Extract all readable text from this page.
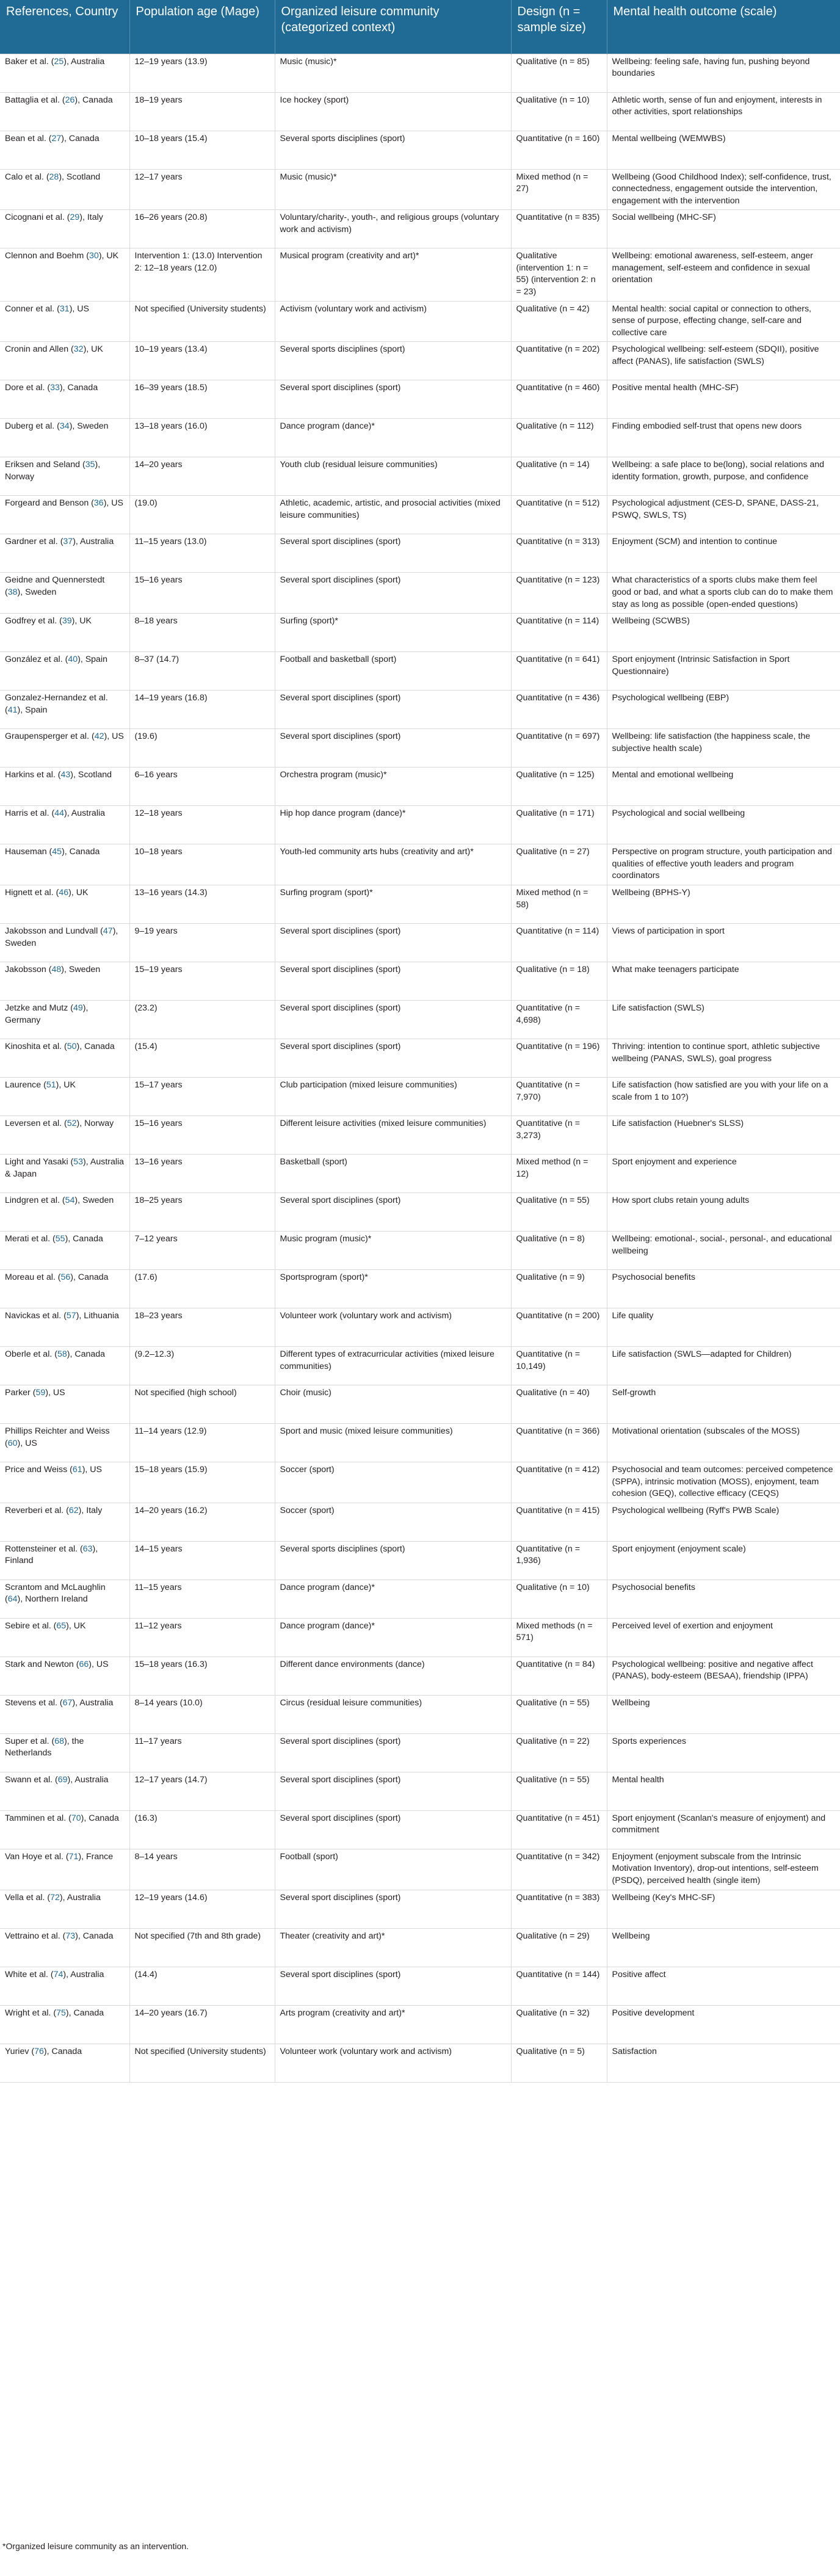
References, Country	Population age (Mage)	Organized leisure community (categorized context)	Design (n = sample size)	Mental health outcome (scale)
Baker et al. (25), Australia	12–19 years (13.9)	Music (music)*	Qualitative (n = 85)	Wellbeing: feeling safe, having fun, pushing beyond boundaries
Battaglia et al. (26), Canada	18–19 years	Ice hockey (sport)	Qualitative (n = 10)	Athletic worth, sense of fun and enjoyment, interests in other activities, sport relationships
Bean et al. (27), Canada	10–18 years (15.4)	Several sports disciplines (sport)	Quantitative (n = 160)	Mental wellbeing (WEMWBS)
Calo et al. (28), Scotland	12–17 years	Music (music)*	Mixed method (n = 27)	Wellbeing (Good Childhood Index); self-confidence, trust, connectedness, engagement outside the intervention, engagement with the intervention
Cicognani et al. (29), Italy	16–26 years (20.8)	Voluntary/charity-, youth-, and religious groups (voluntary work and activism)	Quantitative (n = 835)	Social wellbeing (MHC-SF)
Clennon and Boehm (30), UK	Intervention 1: (13.0) Intervention 2: 12–18 years (12.0)	Musical program (creativity and art)*	Qualitative (intervention 1: n = 55) (intervention 2: n = 23)	Wellbeing: emotional awareness, self-esteem, anger management, self-esteem and confidence in sexual orientation
Conner et al. (31), US	Not specified (University students)	Activism (voluntary work and activism)	Qualitative (n = 42)	Mental health: social capital or connection to others, sense of purpose, effecting change, self-care and collective care
Cronin and Allen (32), UK	10–19 years (13.4)	Several sports disciplines (sport)	Quantitative (n = 202)	Psychological wellbeing: self-esteem (SDQII), positive affect (PANAS), life satisfaction (SWLS)
Dore et al. (33), Canada	16–39 years (18.5)	Several sport disciplines (sport)	Quantitative (n = 460)	Positive mental health (MHC-SF)
Duberg et al. (34), Sweden	13–18 years (16.0)	Dance program (dance)*	Qualitative (n = 112)	Finding embodied self-trust that opens new doors
Eriksen and Seland (35), Norway	14–20 years	Youth club (residual leisure communities)	Qualitative (n = 14)	Wellbeing: a safe place to be(long), social relations and identity formation, growth, purpose, and confidence
Forgeard and Benson (36), US	(19.0)	Athletic, academic, artistic, and prosocial activities (mixed leisure communities)	Quantitative (n = 512)	Psychological adjustment (CES-D, SPANE, DASS-21, PSWQ, SWLS, TS)
Gardner et al. (37), Australia	11–15 years (13.0)	Several sport disciplines (sport)	Quantitative (n = 313)	Enjoyment (SCM) and intention to continue
Geidne and Quennerstedt (38), Sweden	15–16 years	Several sport disciplines (sport)	Quantitative (n = 123)	What characteristics of a sports clubs make them feel good or bad, and what a sports club can do to make them stay as long as possible (open-ended questions)
Godfrey et al. (39), UK	8–18 years	Surfing (sport)*	Quantitative (n = 114)	Wellbeing (SCWBS)
González et al. (40), Spain	8–37 (14.7)	Football and basketball (sport)	Quantitative (n = 641)	Sport enjoyment (Intrinsic Satisfaction in Sport Questionnaire)
Gonzalez-Hernandez et al. (41), Spain	14–19 years (16.8)	Several sport disciplines (sport)	Quantitative (n = 436)	Psychological wellbeing (EBP)
Graupensperger et al. (42), US	(19.6)	Several sport disciplines (sport)	Quantitative (n = 697)	Wellbeing: life satisfaction (the happiness scale, the subjective health scale)
Harkins et al. (43), Scotland	6–16 years	Orchestra program (music)*	Qualitative (n = 125)	Mental and emotional wellbeing
Harris et al. (44), Australia	12–18 years	Hip hop dance program (dance)*	Qualitative (n = 171)	Psychological and social wellbeing
Hauseman (45), Canada	10–18 years	Youth-led community arts hubs (creativity and art)*	Qualitative (n = 27)	Perspective on program structure, youth participation and qualities of effective youth leaders and program coordinators
Hignett et al. (46), UK	13–16 years (14.3)	Surfing program (sport)*	Mixed method (n = 58)	Wellbeing (BPHS-Y)
Jakobsson and Lundvall (47), Sweden	9–19 years	Several sport disciplines (sport)	Quantitative (n = 114)	Views of participation in sport
Jakobsson (48), Sweden	15–19 years	Several sport disciplines (sport)	Qualitative (n = 18)	What make teenagers participate
Jetzke and Mutz (49), Germany	(23.2)	Several sport disciplines (sport)	Quantitative (n = 4,698)	Life satisfaction (SWLS)
Kinoshita et al. (50), Canada	(15.4)	Several sport disciplines (sport)	Quantitative (n = 196)	Thriving: intention to continue sport, athletic subjective wellbeing (PANAS, SWLS), goal progress
Laurence (51), UK	15–17 years	Club participation (mixed leisure communities)	Quantitative (n = 7,970)	Life satisfaction (how satisfied are you with your life on a scale from 1 to 10?)
Leversen et al. (52), Norway	15–16 years	Different leisure activities (mixed leisure communities)	Quantitative (n = 3,273)	Life satisfaction (Huebner's SLSS)
Light and Yasaki (53), Australia & Japan	13–16 years	Basketball (sport)	Mixed method (n = 12)	Sport enjoyment and experience
Lindgren et al. (54), Sweden	18–25 years	Several sport disciplines (sport)	Qualitative (n = 55)	How sport clubs retain young adults
Merati et al. (55), Canada	7–12 years	Music program (music)*	Qualitative (n = 8)	Wellbeing: emotional-, social-, personal-, and educational wellbeing
Moreau et al. (56), Canada	(17.6)	Sportsprogram (sport)*	Qualitative (n = 9)	Psychosocial benefits
Navickas et al. (57), Lithuania	18–23 years	Volunteer work (voluntary work and activism)	Quantitative (n = 200)	Life quality
Oberle et al. (58), Canada	(9.2–12.3)	Different types of extracurricular activities (mixed leisure communities)	Quantitative (n = 10,149)	Life satisfaction (SWLS—adapted for Children)
Parker (59), US	Not specified (high school)	Choir (music)	Qualitative (n = 40)	Self-growth
Phillips Reichter and Weiss (60), US	11–14 years (12.9)	Sport and music (mixed leisure communities)	Quantitative (n = 366)	Motivational orientation (subscales of the MOSS)
Price and Weiss (61), US	15–18 years (15.9)	Soccer (sport)	Quantitative (n = 412)	Psychosocial and team outcomes: perceived competence (SPPA), intrinsic motivation (MOSS), enjoyment, team cohesion (GEQ), collective efficacy (CEQS)
Reverberi et al. (62), Italy	14–20 years (16.2)	Soccer (sport)	Quantitative (n = 415)	Psychological wellbeing (Ryff's PWB Scale)
Rottensteiner et al. (63), Finland	14–15 years	Several sports disciplines (sport)	Quantitative (n = 1,936)	Sport enjoyment (enjoyment scale)
Scrantom and McLaughlin (64), Northern Ireland	11–15 years	Dance program (dance)*	Qualitative (n = 10)	Psychosocial benefits
Sebire et al. (65), UK	11–12 years	Dance program (dance)*	Mixed methods (n = 571)	Perceived level of exertion and enjoyment
Stark and Newton (66), US	15–18 years (16.3)	Different dance environments (dance)	Quantitative (n = 84)	Psychological wellbeing: positive and negative affect (PANAS), body-esteem (BESAA), friendship (IPPA)
Stevens et al. (67), Australia	8–14 years (10.0)	Circus (residual leisure communities)	Qualitative (n = 55)	Wellbeing
Super et al. (68), the Netherlands	11–17 years	Several sport disciplines (sport)	Qualitative (n = 22)	Sports experiences
Swann et al. (69), Australia	12–17 years (14.7)	Several sport disciplines (sport)	Qualitative (n = 55)	Mental health
Tamminen et al. (70), Canada	(16.3)	Several sport disciplines (sport)	Quantitative (n = 451)	Sport enjoyment (Scanlan's measure of enjoyment) and commitment
Van Hoye et al. (71), France	8–14 years	Football (sport)	Quantitative (n = 342)	Enjoyment (enjoyment subscale from the Intrinsic Motivation Inventory), drop-out intentions, self-esteem (PSDQ), perceived health (single item)
Vella et al. (72), Australia	12–19 years (14.6)	Several sport disciplines (sport)	Quantitative (n = 383)	Wellbeing (Key's MHC-SF)
Vettraino et al. (73), Canada	Not specified (7th and 8th grade)	Theater (creativity and art)*	Qualitative (n = 29)	Wellbeing
White et al. (74), Australia	(14.4)	Several sport disciplines (sport)	Quantitative (n = 144)	Positive affect
Wright et al. (75), Canada	14–20 years (16.7)	Arts program (creativity and art)*	Qualitative (n = 32)	Positive development
Yuriev (76), Canada	Not specified (University students)	Volunteer work (voluntary work and activism)	Qualitative (n = 5)	Satisfaction
*Organized leisure community as an intervention.
